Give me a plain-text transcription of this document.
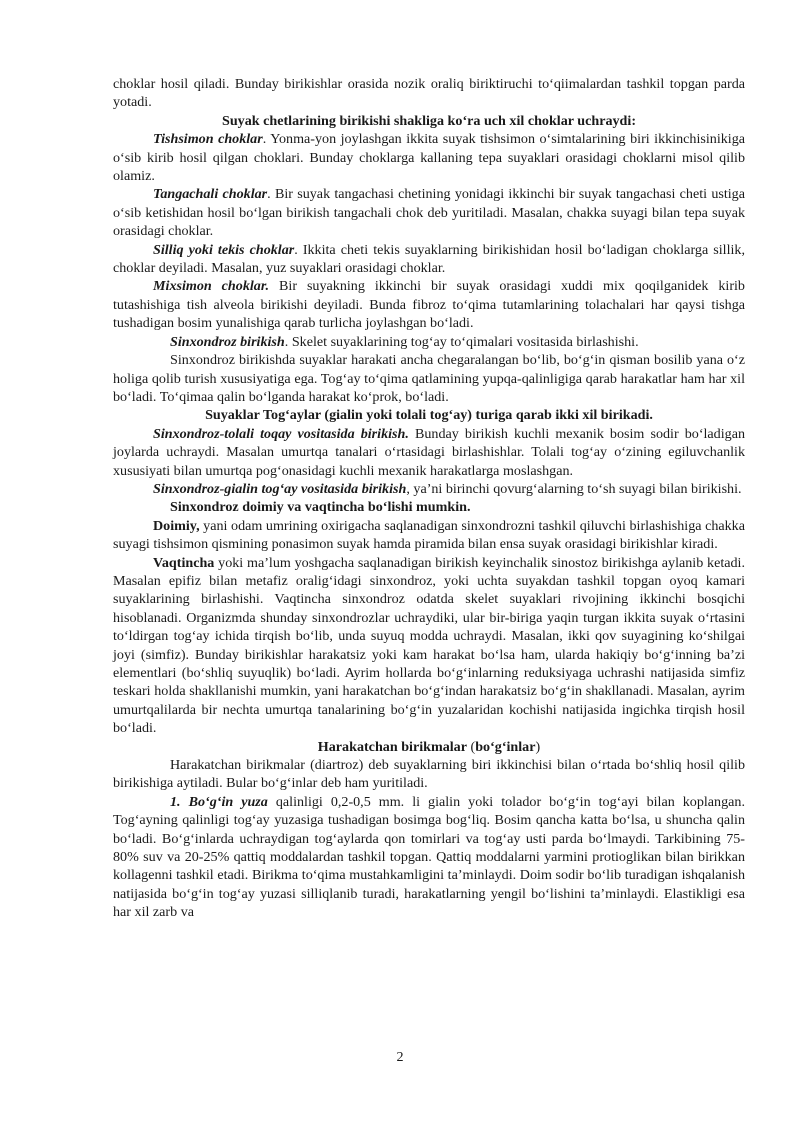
choklar hosil qiladi. Bunday birikishlar orasida nozik oraliq biriktiruchi to‘qiimalardan tashkil topgan parda yotadi.

Suyak chetlarining birikishi shakliga ko‘ra uch xil choklar uchraydi:

Tishsimon choklar. Yonma-yon joylashgan ikkita suyak tishsimon o‘simtalarining biri ikkinchisinikiga o‘sib kirib hosil qilgan choklari. Bunday choklarga kallaning tepa suyaklari orasidagi choklarni misol qilib olamiz.

Tangachali choklar. Bir suyak tangachasi chetining yonidagi ikkinchi bir suyak tangachasi cheti ustiga o‘sib ketishidan hosil bo‘lgan birikish tangachali chok deb yuritiladi. Masalan, chakka suyagi bilan tepa suyak orasidagi choklar.

Silliq yoki tekis choklar. Ikkita cheti tekis suyaklarning birikishidan hosil bo‘ladigan choklarga sillik, choklar deyiladi. Masalan, yuz suyaklari orasidagi choklar.

Mixsimon choklar. Bir suyakning ikkinchi bir suyak orasidagi xuddi mix qoqilganidek kirib tutashishiga tish alveola birikishi deyiladi. Bunda fibroz to‘qima tutamlarining tolachalari har qaysi tishga tushadigan bosim yunalishiga qarab turlicha joylashgan bo‘ladi.

Sinxondroz birikish. Skelet suyaklarining tog‘ay to‘qimalari vositasida birlashishi.

Sinxondroz birikishda suyaklar harakati ancha chegaralangan bo‘lib, bo‘g‘in qisman bosilib yana o‘z holiga qolib turish xususiyatiga ega. Tog‘ay to‘qima qatlamining yupqa-qalinligiga qarab harakatlar ham har xil bo‘ladi. To‘qimaa qalin bo‘lganda harakat ko‘prok, bo‘ladi.

Suyaklar Tog‘aylar (gialin yoki tolali tog‘ay) turiga qarab ikki xil birikadi.

Sinxondroz-tolali toqay vositasida birikish. Bunday birikish kuchli mexanik bosim sodir bo‘ladigan joylarda uchraydi. Masalan umurtqa tanalari o‘rtasidagi birlashishlar. Tolali tog‘ay o‘zining egiluvchanlik xususiyati bilan umurtqa pog‘onasidagi kuchli mexanik harakatlarga moslashgan.

Sinxondroz-gialin tog‘ay vositasida birikish, ya’ni birinchi qovurg‘alarning to‘sh suyagi bilan birikishi.

Sinxondroz doimiy va vaqtincha bo‘lishi mumkin.

Doimiy, yani odam umrining oxirigacha saqlanadigan sinxondrozni tashkil qiluvchi birlashishiga chakka suyagi tishsimon qismining ponasimon suyak hamda piramida bilan ensa suyak orasidagi birikishlar kiradi.

Vaqtincha yoki ma’lum yoshgacha saqlanadigan birikish keyinchalik sinostoz birikishga aylanib ketadi. Masalan epifiz bilan metafiz oralig‘idagi sinxondroz, yoki uchta suyakdan tashkil topgan oyoq kamari suyaklarining birlashishi. Vaqtincha sinxondroz odatda skelet suyaklari rivojining ikkinchi bosqichi hisoblanadi. Organizmda shunday sinxondrozlar uchraydiki, ular bir-biriga yaqin turgan ikkita suyak o‘rtasini to‘ldirgan tog‘ay ichida tirqish bo‘lib, unda suyuq modda uchraydi. Masalan, ikki qov suyagining ko‘shilgai joyi (simfiz). Bunday birikishlar harakatsiz yoki kam harakat bo‘lsa ham, ularda hakiqiy bo‘g‘inning ba’zi elementlari (bo‘shliq suyuqlik) bo‘ladi. Ayrim hollarda bo‘g‘inlarning reduksiyaga uchrashi natijasida simfiz teskari holda shakllanishi mumkin, yani harakatchan bo‘g‘indan harakatsiz bo‘g‘in shakllanadi. Masalan, ayrim umurtqalilarda bir nechta umurtqa tanalarining bo‘g‘in yuzalaridan kochishi natijasida ingichka tirqish hosil bo‘ladi.

Harakatchan birikmalar (bo‘g‘inlar)

Harakatchan birikmalar (diartroz) deb suyaklarning biri ikkinchisi bilan o‘rtada bo‘shliq hosil qilib birikishiga aytiladi. Bular bo‘g‘inlar deb ham yuritiladi.

1. Bo‘g‘in yuza qalinligi 0,2-0,5 mm. li gialin yoki tolador bo‘g‘in tog‘ayi bilan koplangan. Tog‘ayning qalinligi tog‘ay yuzasiga tushadigan bosimga bog‘liq. Bosim qancha katta bo‘lsa, u shuncha qalin bo‘ladi. Bo‘g‘inlarda uchraydigan tog‘aylarda qon tomirlari va tog‘ay usti parda bo‘lmaydi. Tarkibining 75-80% suv va 20-25% qattiq moddalardan tashkil topgan. Qattiq moddalarni yarmini protioglikan bilan birikkan kollagenni tashkil etadi. Birikma to‘qima mustahkamligini ta’minlaydi. Doim sodir bo‘lib turadigan ishqalanish natijasida bo‘g‘in tog‘ay yuzasi silliqlanib turadi, harakatlarning yengil bo‘lishini ta’minlaydi. Elastikligi esa har xil zarb va

2
